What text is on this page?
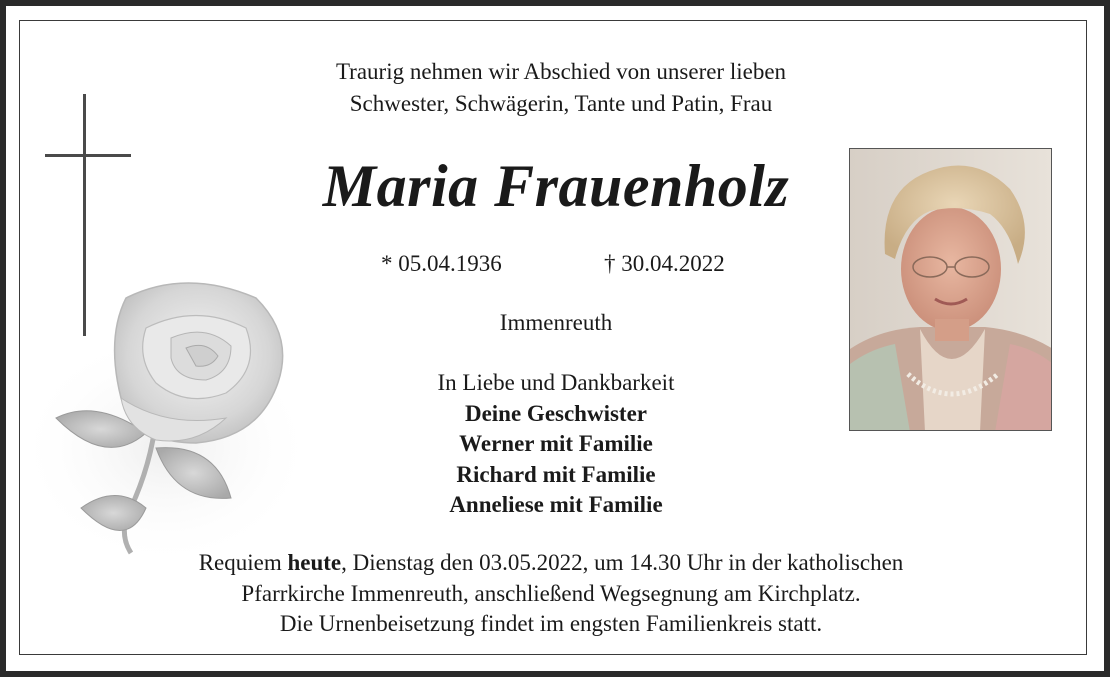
Traurig nehmen wir Abschied von unserer lieben
Schwester, Schwägerin, Tante und Patin, Frau
Maria Frauenholz
* 05.04.1936	† 30.04.2022
Immenreuth
In Liebe und Dankbarkeit
Deine Geschwister
Werner mit Familie
Richard mit Familie
Anneliese mit Familie
Requiem heute, Dienstag den 03.05.2022, um 14.30 Uhr in der katholischen
Pfarrkirche Immenreuth, anschließend Wegsegnung am Kirchplatz.
Die Urnenbeisetzung findet im engsten Familienkreis statt.
